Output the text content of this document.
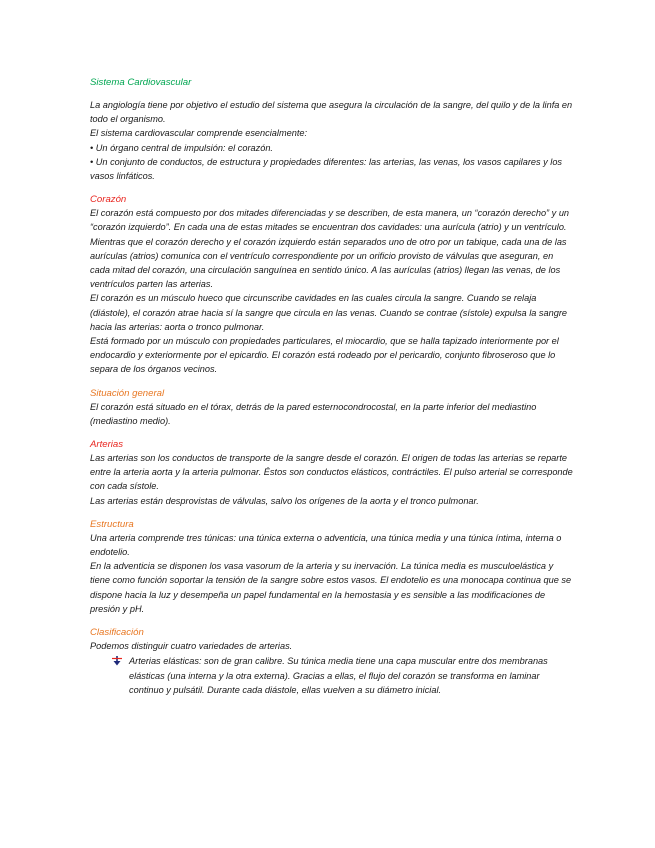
Sistema Cardiovascular

La angiología tiene por objetivo el estudio del sistema que asegura la circulación de la sangre, del quilo y de la linfa en todo el organismo.

El sistema cardiovascular comprende esencialmente:

• Un órgano central de impulsión: el corazón.

• Un conjunto de conductos, de estructura y propiedades diferentes: las arterias, las venas, los vasos capilares y los vasos linfáticos.

Corazón

El corazón está compuesto por dos mitades diferenciadas y se describen, de esta manera, un “corazón derecho” y un “corazón izquierdo”. En cada una de estas mitades se encuentran dos cavidades: una aurícula (atrio) y un ventrículo. Mientras que el corazón derecho y el corazón izquierdo están separados uno de otro por un tabique, cada una de las aurículas (atrios) comunica con el ventrículo correspondiente por un orificio provisto de válvulas que aseguran, en cada mitad del corazón, una circulación sanguínea en sentido único. A las aurículas (atrios) llegan las venas, de los ventrículos parten las arterias.

El corazón es un músculo hueco que circunscribe cavidades en las cuales circula la sangre. Cuando se relaja (diástole), el corazón atrae hacia sí la sangre que circula en las venas. Cuando se contrae (sístole) expulsa la sangre hacia las arterias: aorta o tronco pulmonar.

Está formado por un músculo con propiedades particulares, el miocardio, que se halla tapizado interiormente por el endocardio y exteriormente por el epicardio. El corazón está rodeado por el pericardio, conjunto fibroseroso que lo separa de los órganos vecinos.

Situación general

El corazón está situado en el tórax, detrás de la pared esternocondrocostal, en la parte inferior del mediastino (mediastino medio).

Arterias

Las arterias son los conductos de transporte de la sangre desde el corazón. El origen de todas las arterias se reparte entre la arteria aorta y la arteria pulmonar. Éstos son conductos elásticos, contráctiles. El pulso arterial se corresponde con cada sístole.

Las arterias están desprovistas de válvulas, salvo los orígenes de la aorta y el tronco pulmonar.

Estructura

Una arteria comprende tres túnicas: una túnica externa o adventicia, una túnica media y una túnica íntima, interna o endotelio.

En la adventicia se disponen los vasa vasorum de la arteria y su inervación. La túnica media es musculoelástica y tiene como función soportar la tensión de la sangre sobre estos vasos. El endotelio es una monocapa continua que se dispone hacia la luz y desempeña un papel fundamental en la hemostasia y es sensible a las modificaciones de presión y pH.

Clasificación

Podemos distinguir cuatro variedades de arterias.

Arterias elásticas: son de gran calibre. Su túnica media tiene una capa muscular entre dos membranas elásticas (una interna y la otra externa). Gracias a ellas, el flujo del corazón se transforma en laminar continuo y pulsátil. Durante cada diástole, ellas vuelven a su diámetro inicial.
